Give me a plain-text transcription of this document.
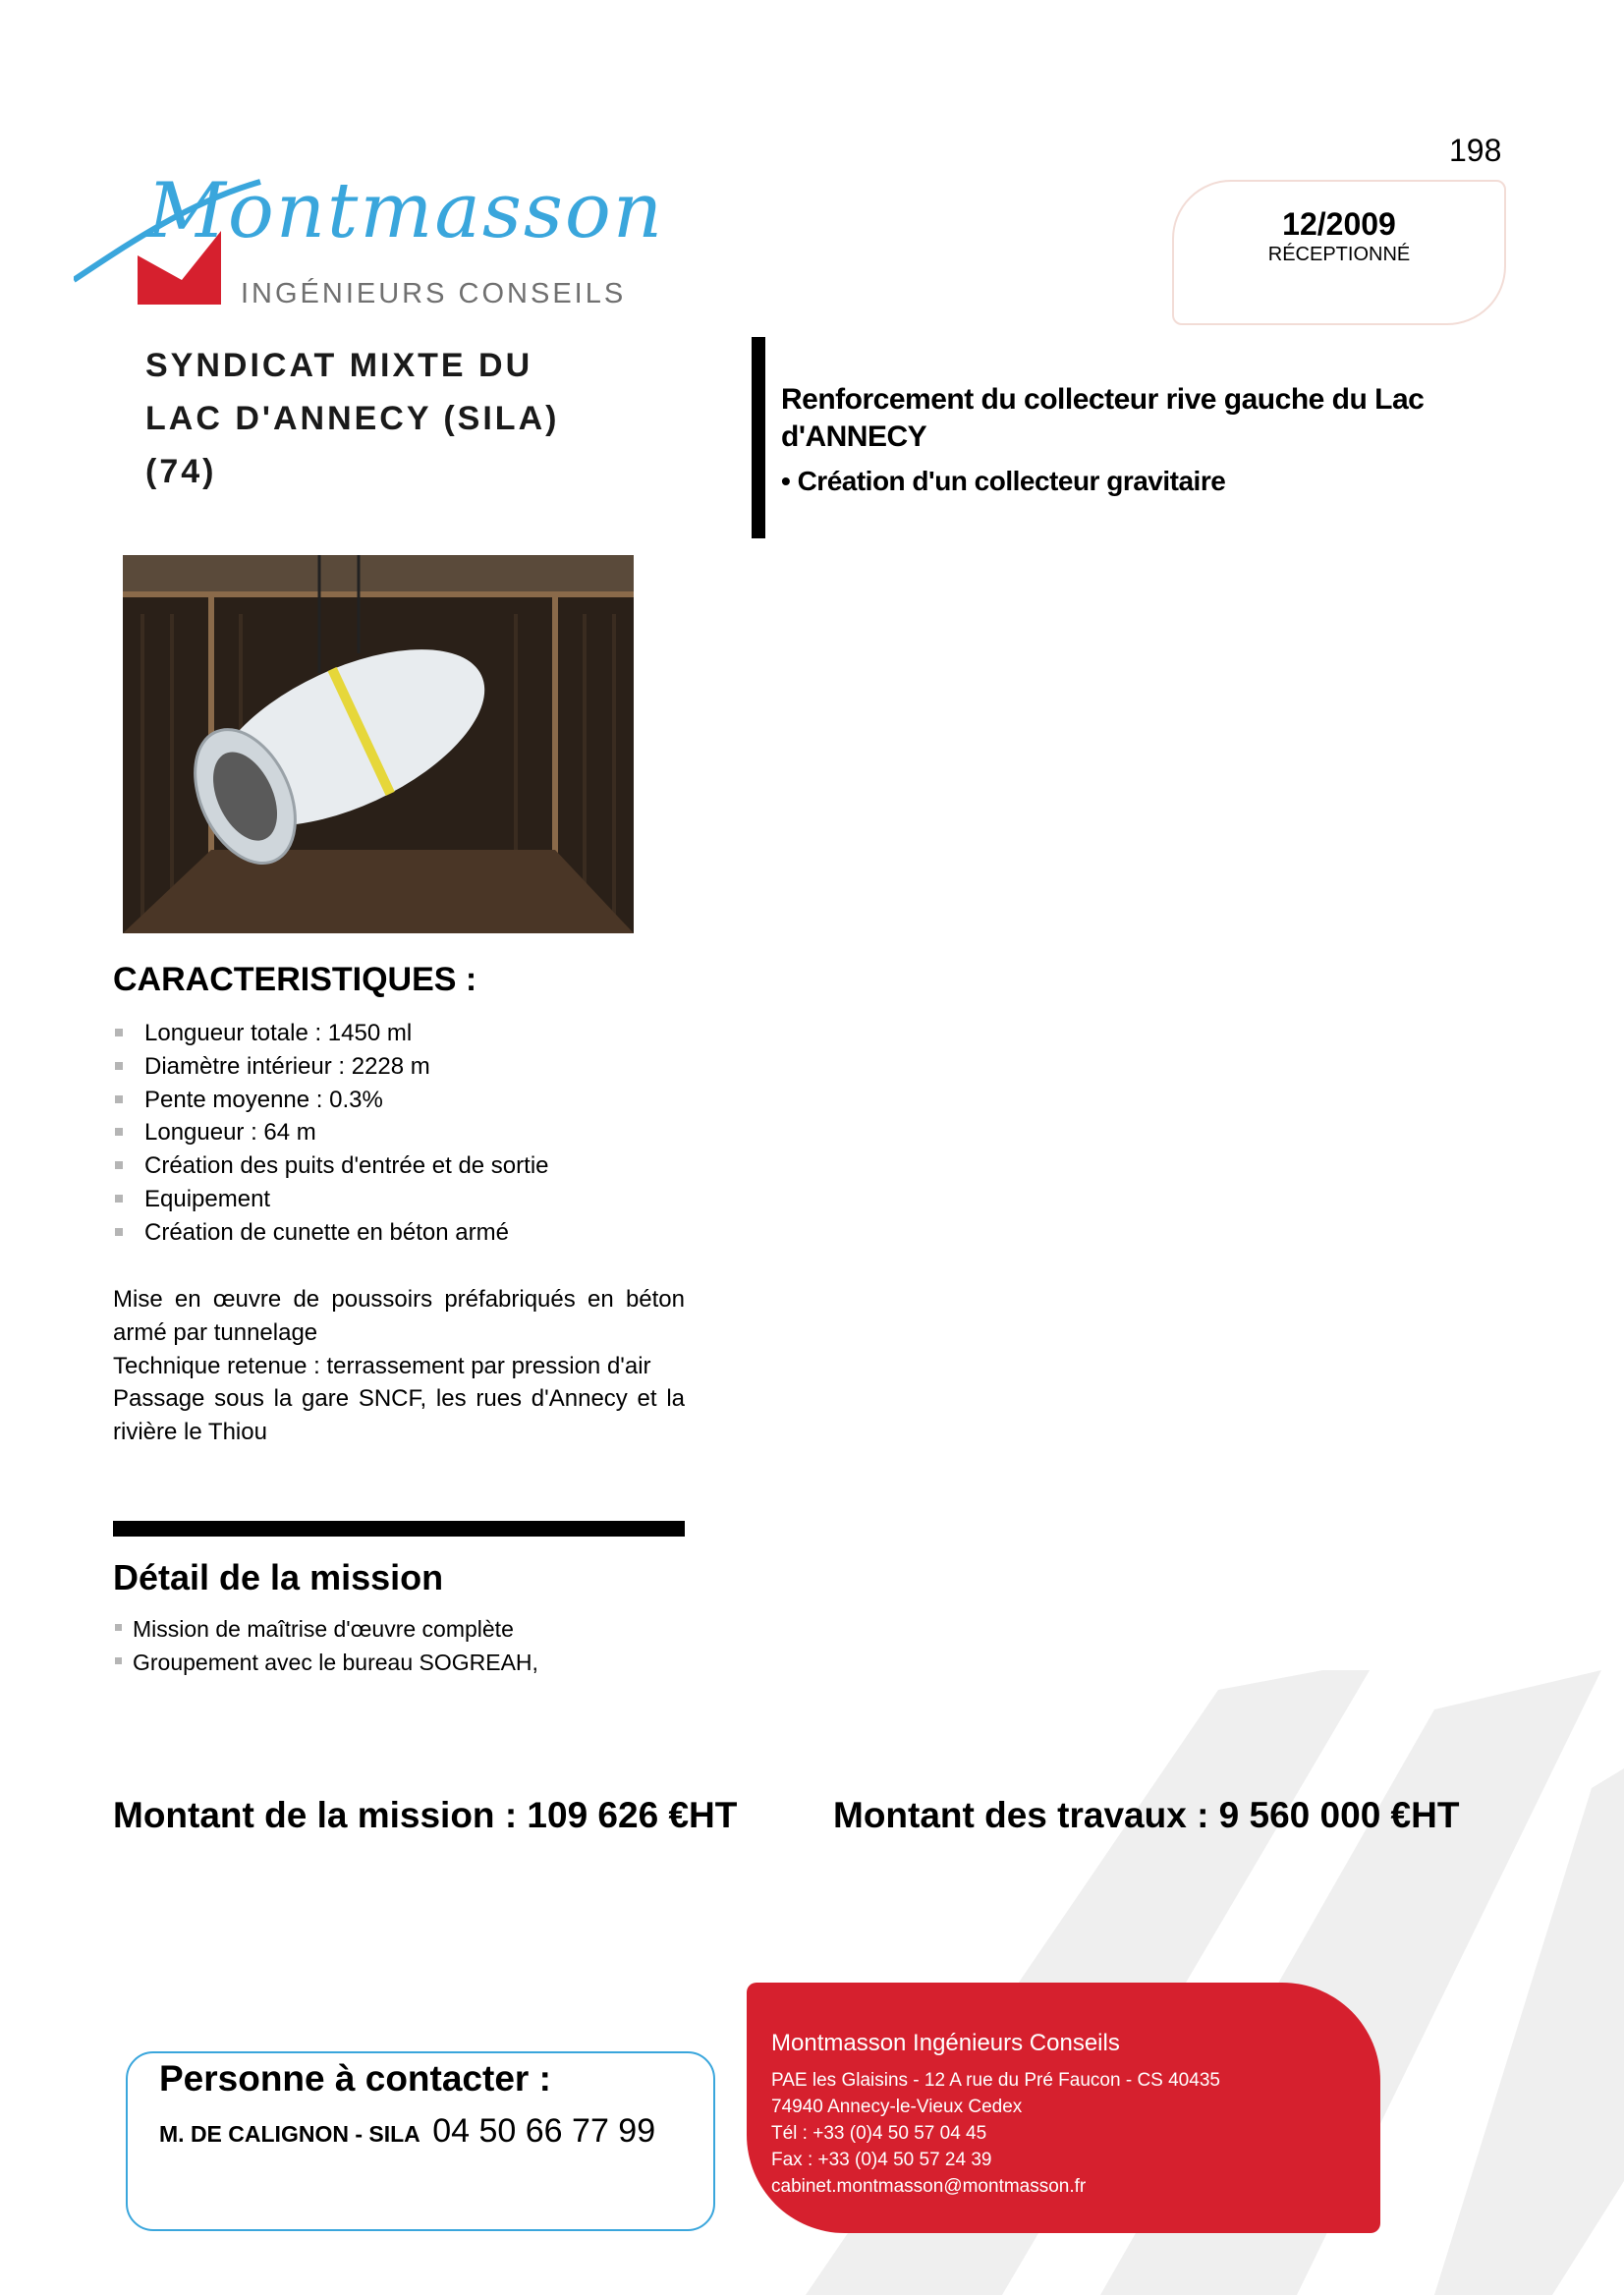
198
Montmasson
INGÉNIEURS CONSEILS
12/2009
RÉCEPTIONNÉ
SYNDICAT MIXTE DU
LAC D'ANNECY (SILA)
(74)
Renforcement du collecteur rive gauche du Lac
d'ANNECY
• Création d'un collecteur gravitaire
CARACTERISTIQUES :
Longueur totale : 1450 ml
Diamètre intérieur : 2228 m
Pente moyenne : 0.3%
Longueur : 64 m
Création des puits d'entrée et de sortie
Equipement
Création de cunette en béton armé
Mise en œuvre de poussoirs préfabriqués en béton
armé par tunnelage
Technique retenue : terrassement par pression d'air
Passage sous la gare SNCF, les rues d'Annecy et la
rivière le Thiou
Détail de la mission
Mission de maîtrise d'œuvre complète
Groupement avec le bureau SOGREAH,
Montant de la mission : 109 626 €HT	Montant des travaux : 9 560 000 €HT
Montmasson Ingénieurs Conseils
PAE les Glaisins - 12 A rue du Pré Faucon - CS 40435
74940 Annecy-le-Vieux Cedex
Tél : +33 (0)4 50 57 04 45
Fax : +33 (0)4 50 57 24 39
cabinet.montmasson@montmasson.fr
Personne à contacter :
M. DE CALIGNON - SILA 04 50 66 77 99
